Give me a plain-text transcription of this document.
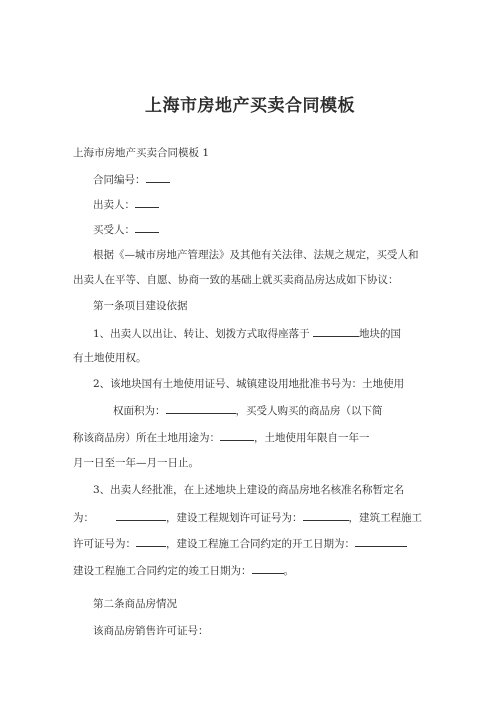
上海市房地产买卖合同模板
上海市房地产买卖合同模板 1
合同编号：
出卖人：
买受人：
根据《—城市房地产管理法》及其他有关法律、法规之规定，买受人和
出卖人在平等、自愿、协商一致的基础上就买卖商品房达成如下协议：
第一条项目建设依据
1、出卖人以出让、转让、划拨方式取得座落于	地块的国
有土地使用权。
2、该地块国有土地使用证号、城镇建设用地批准书号为：土地使用
权面积为：	，买受人购买的商品房（以下简
称该商品房）所在土地用途为：	，土地使用年限自一年一
月一日至一年—月一日止。
3、出卖人经批准，在上述地块上建设的商品房地名核准名称暂定名
为：	，建设工程规划许可证号为：	，建筑工程施工
许可证号为：	，建设工程施工合同约定的开工日期为：
建设工程施工合同约定的竣工日期为：	。
第二条商品房情况
该商品房销售许可证号：
